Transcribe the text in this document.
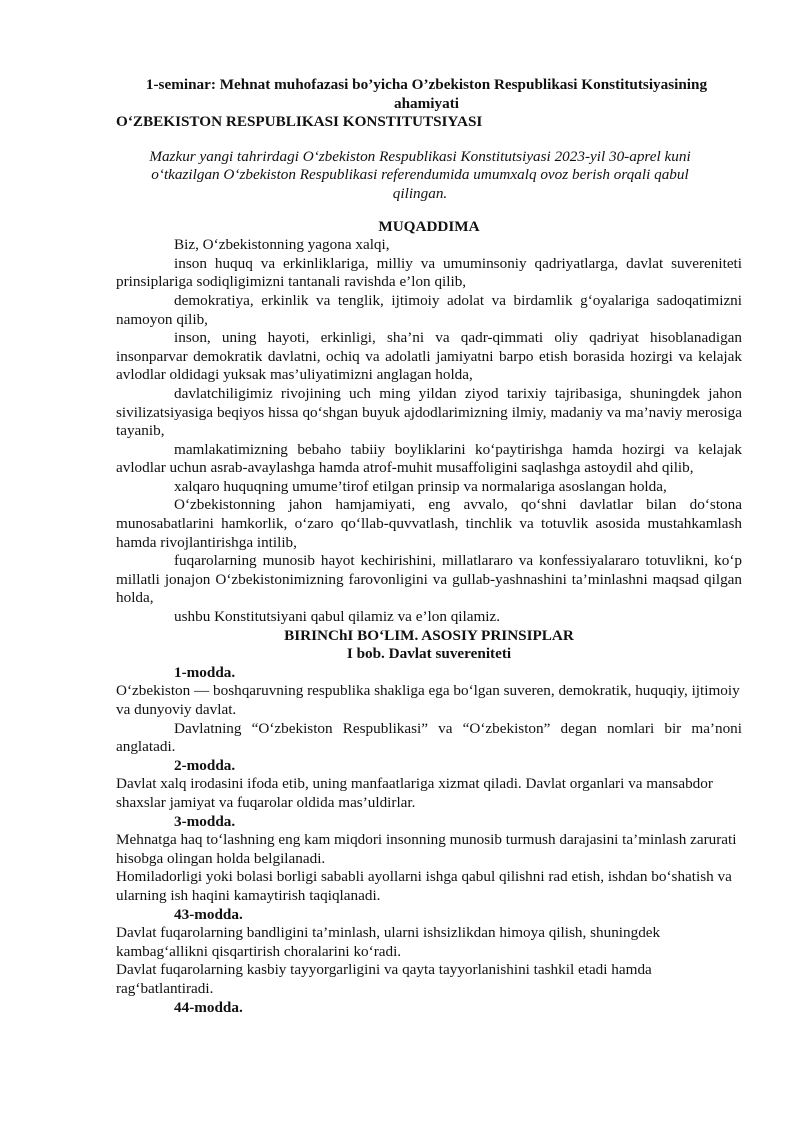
1-seminar: Mehnat muhofazasi bo’yicha O’zbekiston Respublikasi Konstitutsiyasining

ahamiyati

O‘ZBEKISTON RESPUBLIKASI KONSTITUTSIYASI

Mazkur yangi tahrirdagi O‘zbekiston Respublikasi Konstitutsiyasi 2023-yil 30-aprel kuni o‘tkazilgan O‘zbekiston Respublikasi referendumida umumxalq ovoz berish orqali qabul qilingan.

MUQADDIMA

Biz, O‘zbekistonning yagona xalqi,

inson huquq va erkinliklariga, milliy va umuminsoniy qadriyatlarga, davlat suvereniteti prinsiplariga sodiqligimizni tantanali ravishda e’lon qilib,

demokratiya, erkinlik va tenglik, ijtimoiy adolat va birdamlik g‘oyalariga sadoqatimizni namoyon qilib,

inson, uning hayoti, erkinligi, sha’ni va qadr-qimmati oliy qadriyat hisoblanadigan insonparvar demokratik davlatni, ochiq va adolatli jamiyatni barpo etish borasida hozirgi va kelajak avlodlar oldidagi yuksak mas’uliyatimizni anglagan holda,

davlatchiligimiz rivojining uch ming yildan ziyod tarixiy tajribasiga, shuningdek jahon sivilizatsiyasiga beqiyos hissa qo‘shgan buyuk ajdodlarimizning ilmiy, madaniy va ma’naviy merosiga tayanib,

mamlakatimizning bebaho tabiiy boyliklarini ko‘paytirishga hamda hozirgi va kelajak avlodlar uchun asrab-avaylashga hamda atrof-muhit musaffoligini saqlashga astoydil ahd qilib,

xalqaro huquqning umume’tirof etilgan prinsip va normalariga asoslangan holda,

O‘zbekistonning jahon hamjamiyati, eng avvalo, qo‘shni davlatlar bilan do‘stona munosabatlarini hamkorlik, o‘zaro qo‘llab-quvvatlash, tinchlik va totuvlik asosida mustahkamlash hamda rivojlantirishga intilib,

fuqarolarning munosib hayot kechirishini, millatlararo va konfessiyalararo totuvlikni, ko‘p millatli jonajon O‘zbekistonimizning farovonligini va gullab-yashnashini ta’minlashni maqsad qilgan holda,

ushbu Konstitutsiyani qabul qilamiz va e’lon qilamiz.

BIRINChI BO‘LIM. ASOSIY PRINSIPLAR

I bob. Davlat suvereniteti

1-modda.

O‘zbekiston — boshqaruvning respublika shakliga ega bo‘lgan suveren, demokratik, huquqiy, ijtimoiy va dunyoviy davlat.

Davlatning “O‘zbekiston Respublikasi” va “O‘zbekiston” degan nomlari bir ma’noni anglatadi.

2-modda.

Davlat xalq irodasini ifoda etib, uning manfaatlariga xizmat qiladi. Davlat organlari va mansabdor shaxslar jamiyat va fuqarolar oldida mas’uldirlar.

3-modda.

Mehnatga haq to‘lashning eng kam miqdori insonning munosib turmush darajasini ta’minlash zarurati hisobga olingan holda belgilanadi.

Homiladorligi yoki bolasi borligi sababli ayollarni ishga qabul qilishni rad etish, ishdan bo‘shatish va ularning ish haqini kamaytirish taqiqlanadi.

43-modda.

Davlat fuqarolarning bandligini ta’minlash, ularni ishsizlikdan himoya qilish, shuningdek kambag‘allikni qisqartirish choralarini ko‘radi.

Davlat fuqarolarning kasbiy tayyorgarligini va qayta tayyorlanishini tashkil etadi hamda rag‘batlantiradi.

44-modda.
